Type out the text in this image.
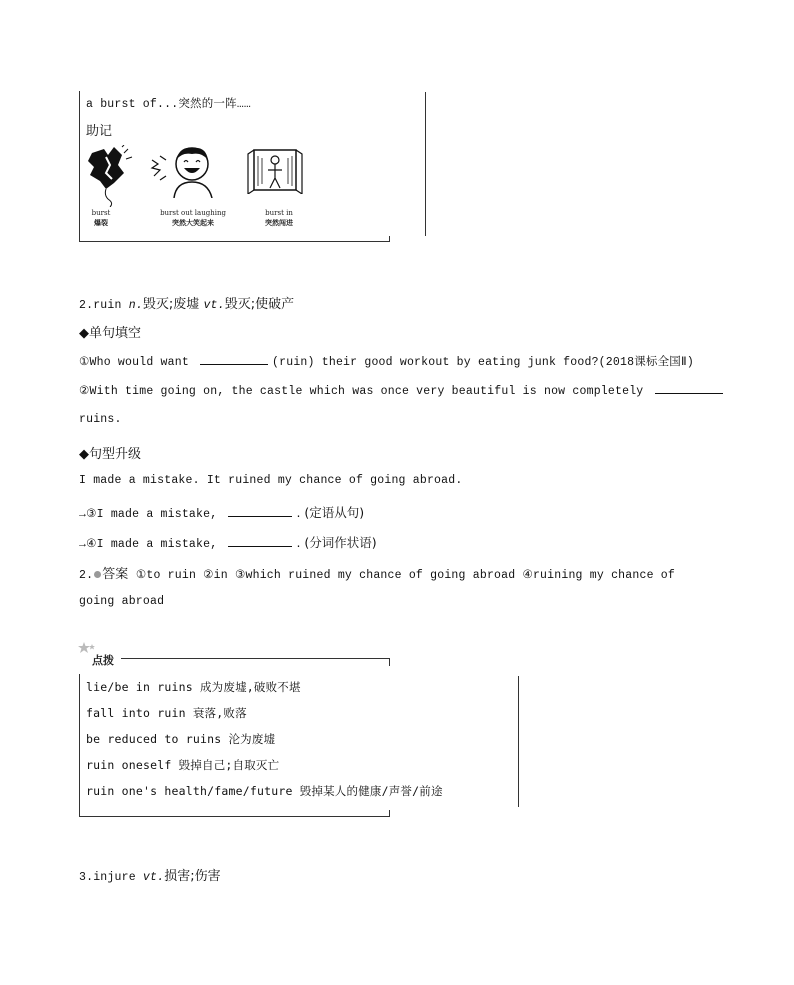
a burst of...突然的一阵……
助记
burst
爆裂
burst out laughing
突然大笑起来
burst in
突然闯进
2.ruin n.毁灭;废墟 vt.毁灭;使破产
◆单句填空
①Who would want	(ruin) their good workout by eating junk food?(2018课标全国Ⅱ)
②With time going on, the castle which was once very beautiful is now completely
ruins.
◆句型升级
I made a mistake. It ruined my chance of going abroad.
→③I made a mistake,	. (定语从句)
→④I made a mistake,	. (分词作状语)
2. 答案 ①to ruin ②in ③which ruined my chance of going abroad ④ruining my chance of
going abroad
点拨
lie/be in ruins 成为废墟,破败不堪
fall into ruin 衰落,败落
be reduced to ruins 沦为废墟
ruin oneself 毁掉自己;自取灭亡
ruin one's health/fame/future 毁掉某人的健康/声誉/前途
3.injure vt.损害;伤害
